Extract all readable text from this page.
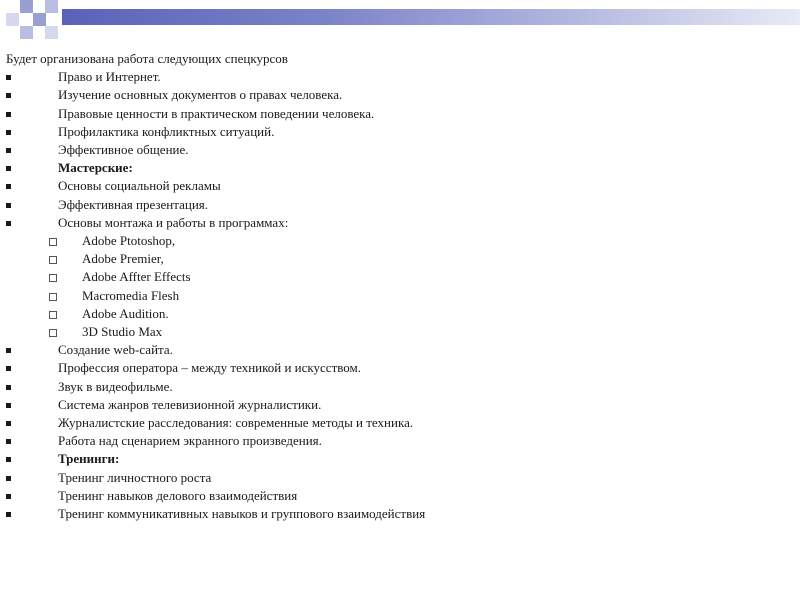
Будет организована работа следующих спецкурсов

Право и Интернет.
Изучение основных документов о правах человека.
Правовые ценности в практическом поведении человека.
Профилактика конфликтных ситуаций.
Эффективное общение.
Мастерские:
Основы социальной рекламы
Эффективная презентация.
Основы монтажа и работы в программах:
Adobe Ptotoshop,
Adobe Premier,
Adobe Affter Effects
Macromedia Flesh
Adobe Audition.
3D Studio Max
Создание web-сайта.
Профессия оператора – между техникой и искусством.
Звук в видеофильме.
Система жанров телевизионной журналистики.
Журналистские расследования: современные методы и техника.
Работа над сценарием экранного произведения.
Тренинги:
Тренинг личностного роста
Тренинг навыков делового взаимодействия
Тренинг коммуникативных навыков и группового взаимодействия
